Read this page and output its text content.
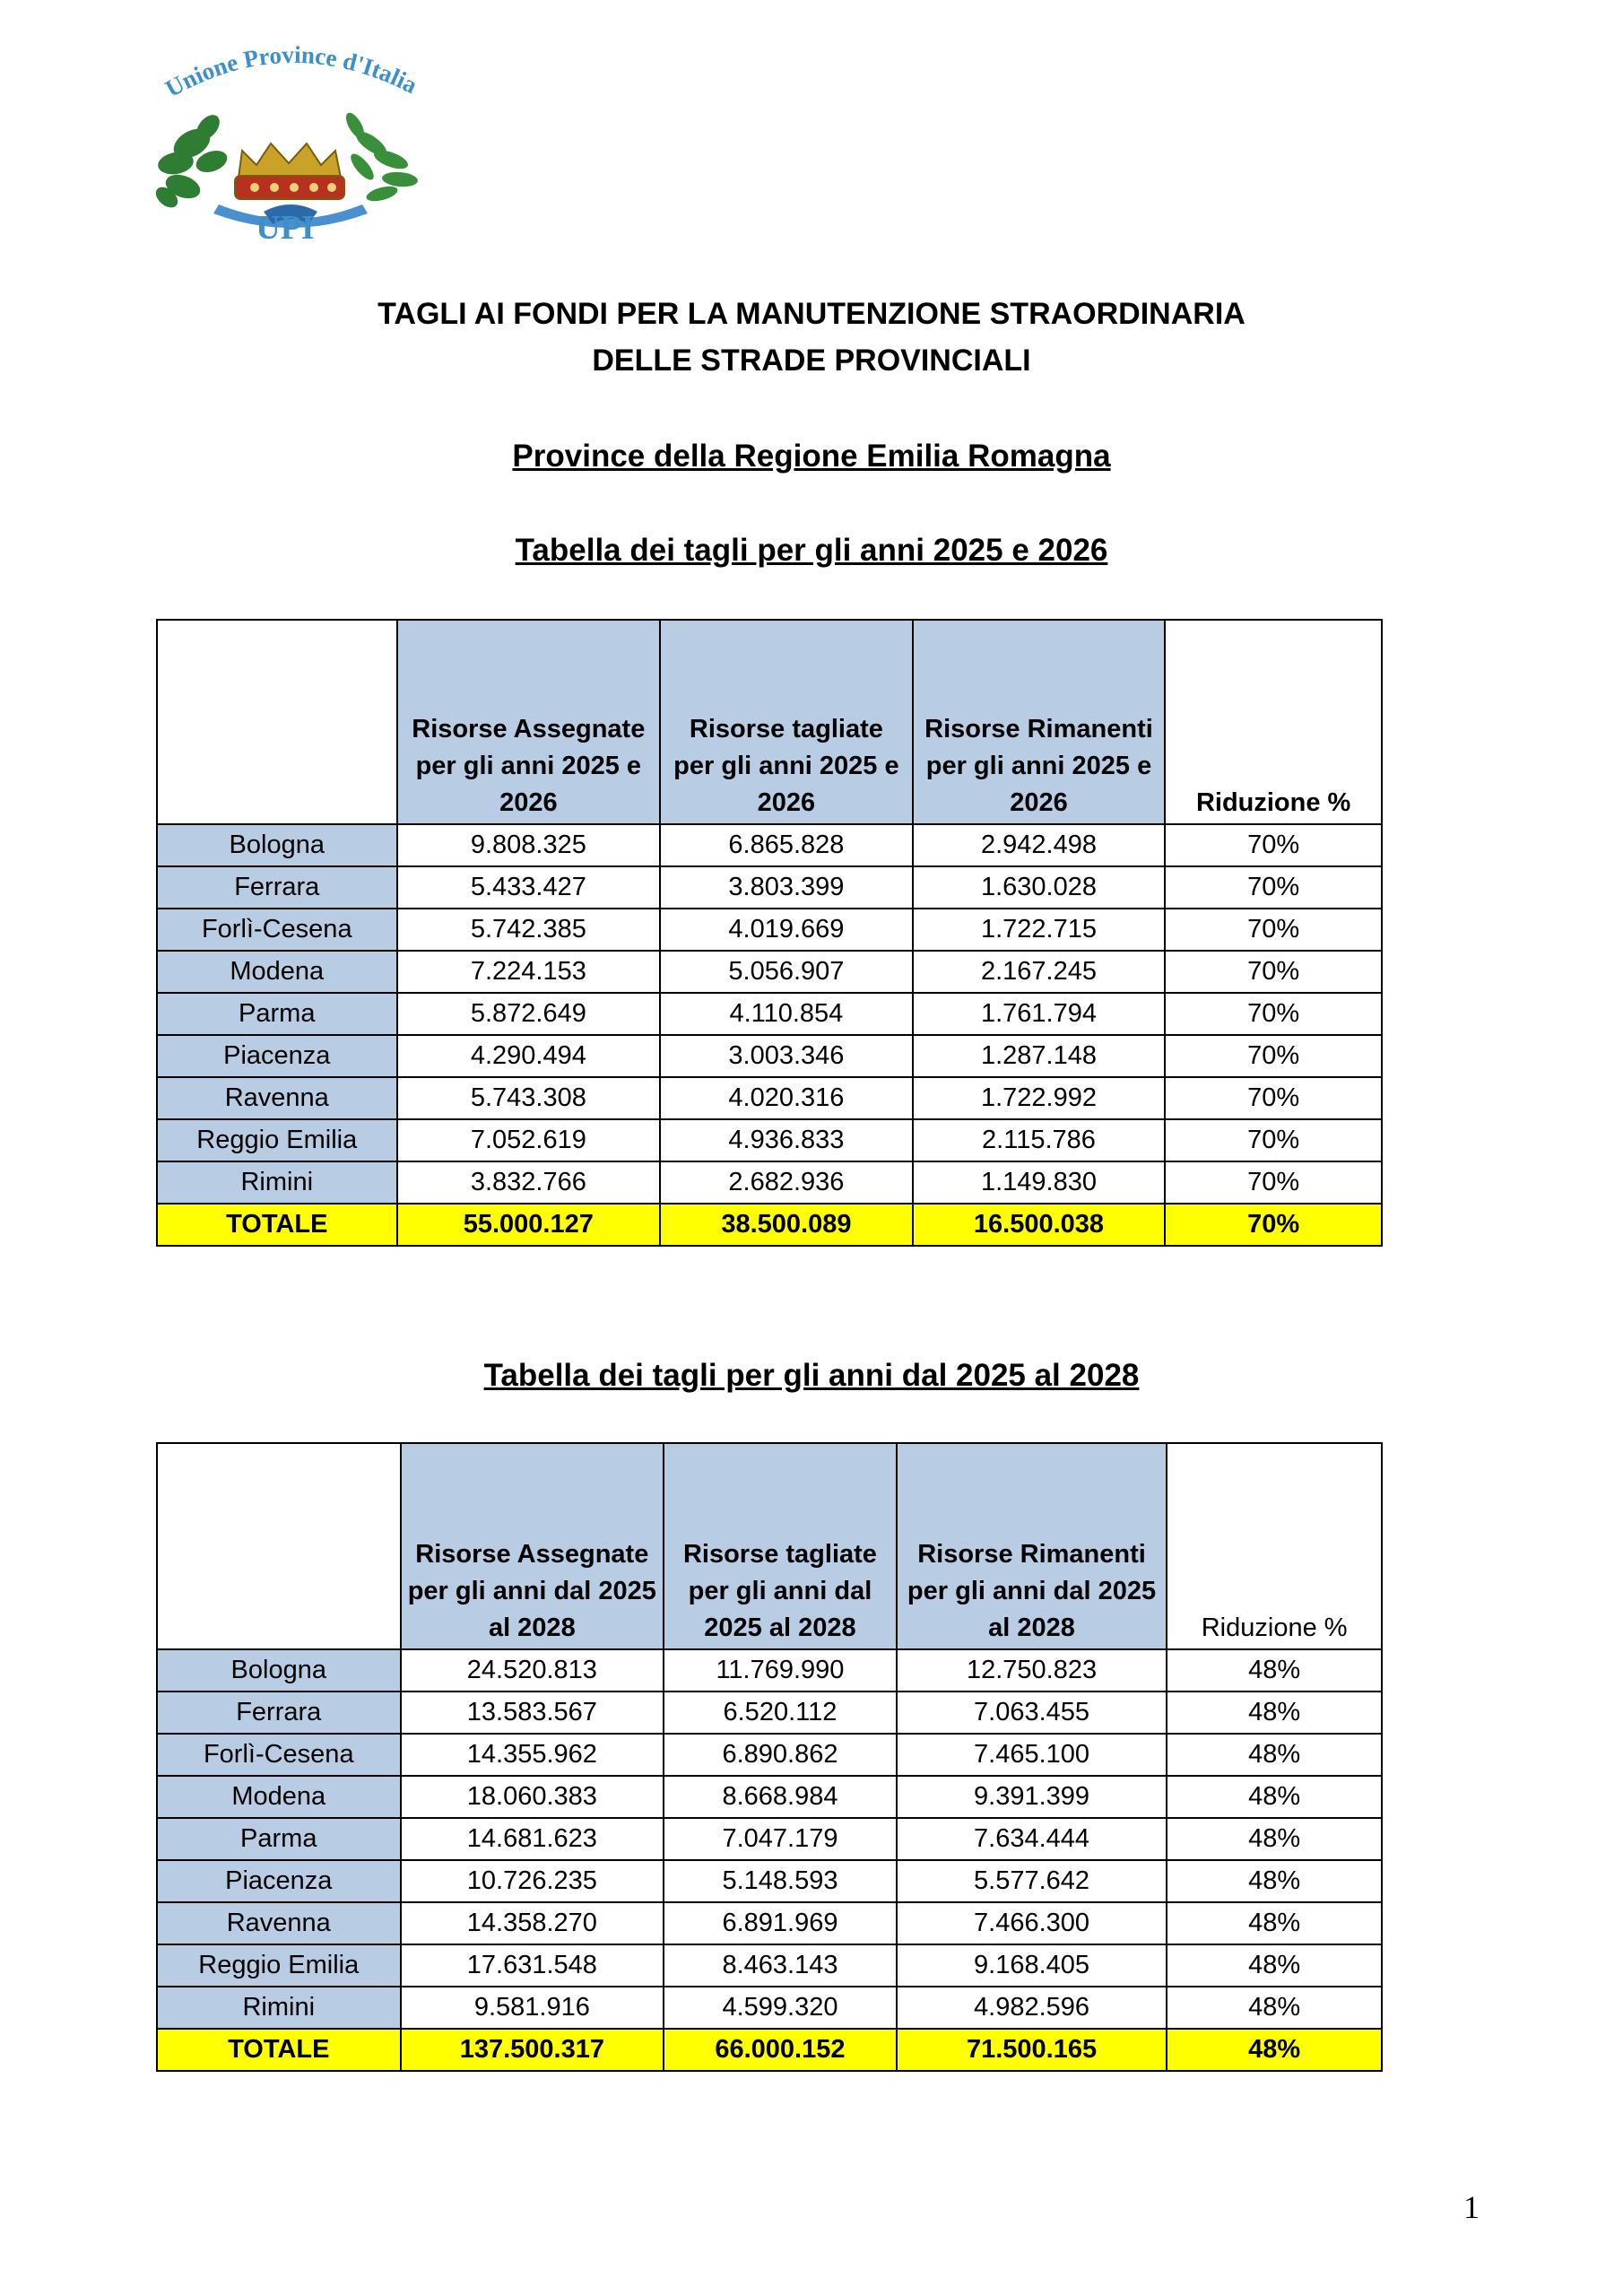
Unione Province d'Italia
UPI
TAGLI AI FONDI PER LA MANUTENZIONE STRAORDINARIA
DELLE STRADE PROVINCIALI
Province della Regione Emilia Romagna
Tabella dei tagli per gli anni 2025 e 2026
	Risorse Assegnate per gli anni 2025 e 2026	Risorse tagliate per gli anni 2025 e 2026	Risorse Rimanenti per gli anni 2025 e 2026	Riduzione %
Bologna	9.808.325	6.865.828	2.942.498	70%
Ferrara	5.433.427	3.803.399	1.630.028	70%
Forlì-Cesena	5.742.385	4.019.669	1.722.715	70%
Modena	7.224.153	5.056.907	2.167.245	70%
Parma	5.872.649	4.110.854	1.761.794	70%
Piacenza	4.290.494	3.003.346	1.287.148	70%
Ravenna	5.743.308	4.020.316	1.722.992	70%
Reggio Emilia	7.052.619	4.936.833	2.115.786	70%
Rimini	3.832.766	2.682.936	1.149.830	70%
TOTALE	55.000.127	38.500.089	16.500.038	70%
Tabella dei tagli per gli anni dal 2025 al 2028
	Risorse Assegnate per gli anni dal 2025 al 2028	Risorse tagliate per gli anni dal 2025 al 2028	Risorse Rimanenti per gli anni dal 2025 al 2028	Riduzione %
Bologna	24.520.813	11.769.990	12.750.823	48%
Ferrara	13.583.567	6.520.112	7.063.455	48%
Forlì-Cesena	14.355.962	6.890.862	7.465.100	48%
Modena	18.060.383	8.668.984	9.391.399	48%
Parma	14.681.623	7.047.179	7.634.444	48%
Piacenza	10.726.235	5.148.593	5.577.642	48%
Ravenna	14.358.270	6.891.969	7.466.300	48%
Reggio Emilia	17.631.548	8.463.143	9.168.405	48%
Rimini	9.581.916	4.599.320	4.982.596	48%
TOTALE	137.500.317	66.000.152	71.500.165	48%
1
